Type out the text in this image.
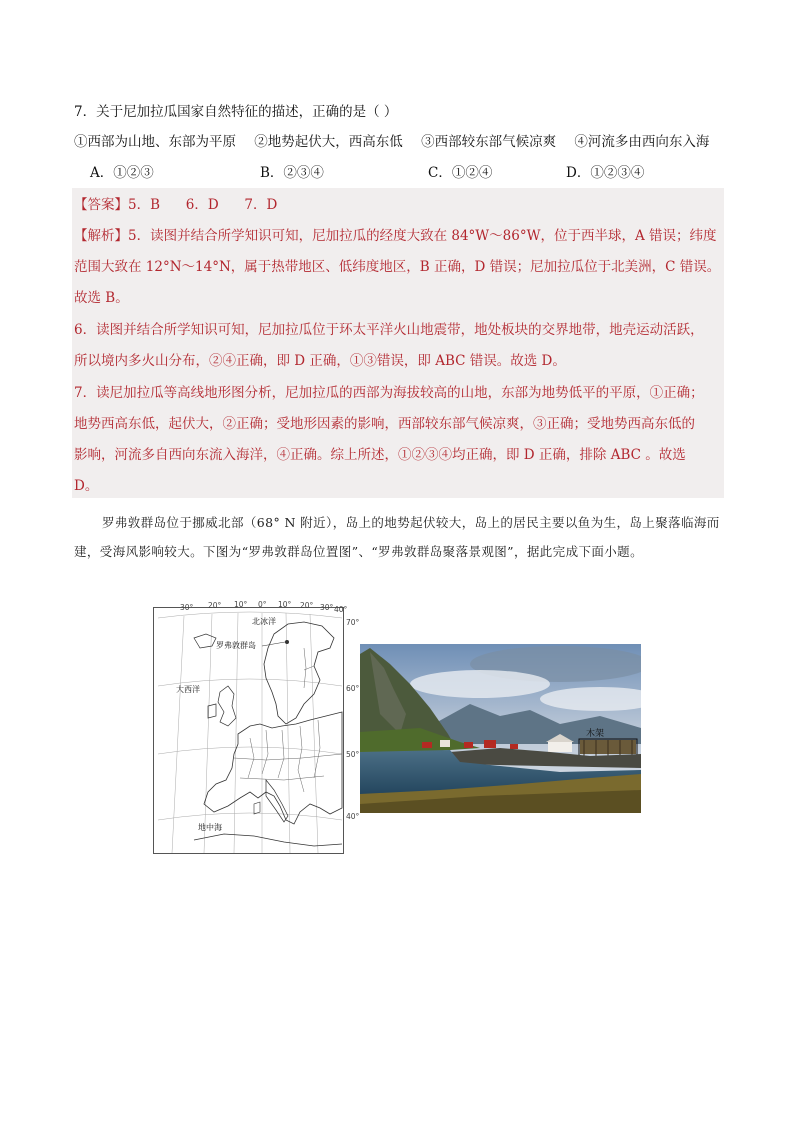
7．关于尼加拉瓜国家自然特征的描述，正确的是（ ）
①西部为山地、东部为平原 ②地势起伏大，西高东低 ③西部较东部气候凉爽 ④河流多由西向东入海
A．①②③	B．②③④	C．①②④	D．①②③④
【答案】5．B      6．D      7．D
【解析】5．读图并结合所学知识可知，尼加拉瓜的经度大致在 84°W～86°W，位于西半球，A 错误；纬度
范围大致在 12°N～14°N，属于热带地区、低纬度地区，B 正确，D 错误；尼加拉瓜位于北美洲，C 错误。
故选 B。
6．读图并结合所学知识可知，尼加拉瓜位于环太平洋火山地震带，地处板块的交界地带，地壳运动活跃，
所以境内多火山分布，②④正确，即 D 正确，①③错误，即 ABC 错误。故选 D。
7．读尼加拉瓜等高线地形图分析，尼加拉瓜的西部为海拔较高的山地，东部为地势低平的平原，①正确；
地势西高东低，起伏大，②正确；受地形因素的影响，西部较东部气候凉爽，③正确；受地势西高东低的
影响，河流多自西向东流入海洋，④正确。综上所述，①②③④均正确，即 D 正确，排除 ABC 。故选
D。
罗弗敦群岛位于挪威北部（68° N 附近），岛上的地势起伏较大，岛上的居民主要以鱼为生，岛上聚落临海而建，受海风影响较大。下图为“罗弗敦群岛位置图”、“罗弗敦群岛聚落景观图”，据此完成下面小题。
30° 20° 10° 0° 10° 20° 30° 40°
70°
60°
50°
40°
北冰洋
罗弗敦群岛
大西洋
地中海
木架
